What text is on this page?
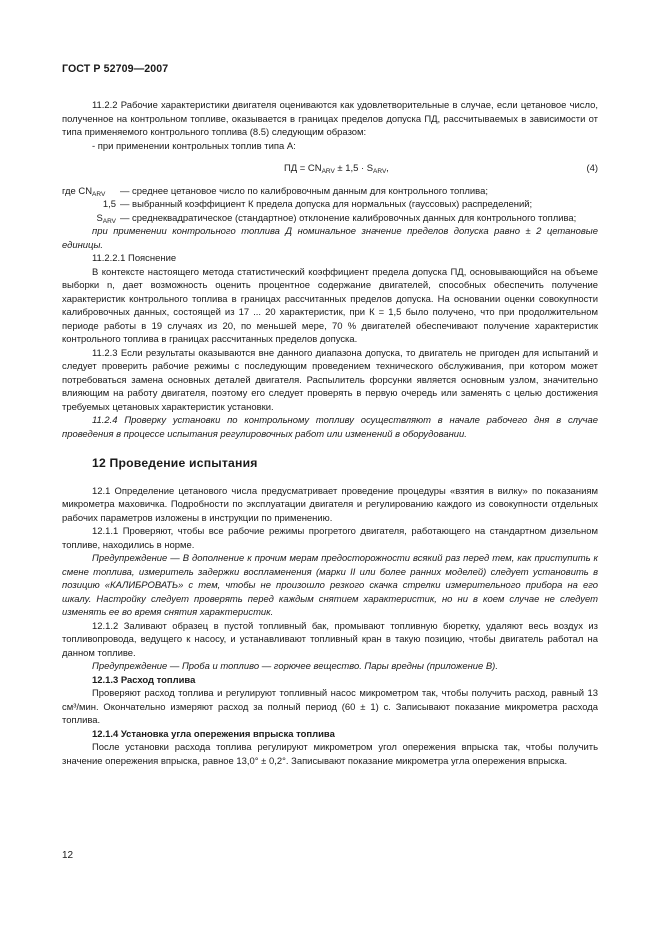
ГОСТ Р 52709—2007

11.2.2 Рабочие характеристики двигателя оцениваются как удовлетворительные в случае, если цетановое число, полученное на контрольном топливе, оказывается в границах пределов допуска ПД, рассчитываемых в зависимости от типа применяемого контрольного топлива (8.5) следующим образом:

- при применении контрольных топлив типа А:

ПД = $CN_{ARV} \pm 1,5 \cdot S_{ARV}$,	(4)
где $CN_{ARV}$	— среднее цетановое число по калибровочным данным для контрольного топлива;
1,5 — выбранный коэффициент К предела допуска для нормальных (гауссовых) распределений;
$S_{ARV}$ — среднеквадратическое (стандартное) отклонение калибровочных данных для контрольного топлива;

при применении контрольного топлива Д номинальное значение пределов допуска равно ± 2 цетановые единицы.

11.2.2.1 Пояснение

В контексте настоящего метода статистический коэффициент предела допуска ПД, основывающийся на объеме выборки n, дает возможность оценить процентное содержание двигателей, способных обеспечить получение характеристик контрольного топлива в границах рассчитанных пределов допуска. На основании оценки совокупности калибровочных данных, состоящей из 17 ... 20 характеристик, при К = 1,5 было получено, что при продолжительном периоде работы в 19 случаях из 20, по меньшей мере, 70 % двигателей обеспечивают получение характеристик контрольного топлива в границах рассчитанных пределов допуска.

11.2.3 Если результаты оказываются вне данного диапазона допуска, то двигатель не пригоден для испытаний и следует проверить рабочие режимы с последующим проведением технического обслуживания, при котором может потребоваться замена основных деталей двигателя. Распылитель форсунки является основным узлом, значительно влияющим на работу двигателя, поэтому его следует проверять в первую очередь или заменять с целью достижения требуемых цетановых характеристик установки.

11.2.4 Проверку установки по контрольному топливу осуществляют в начале рабочего дня в случае проведения в процессе испытания регулировочных работ или изменений в оборудовании.

12 Проведение испытания

12.1 Определение цетанового числа предусматривает проведение процедуры «взятия в вилку» по показаниям микрометра маховичка. Подробности по эксплуатации двигателя и регулированию каждого из совокупности отдельных рабочих параметров изложены в инструкции по применению.

12.1.1 Проверяют, чтобы все рабочие режимы прогретого двигателя, работающего на стандартном дизельном топливе, находились в норме.

Предупреждение — В дополнение к прочим мерам предосторожности всякий раз перед тем, как приступить к смене топлива, измеритель задержки воспламенения (марки II или более ранних моделей) следует установить в позицию «КАЛИБРОВАТЬ» с тем, чтобы не произошло резкого скачка стрелки измерительного прибора на его шкалу. Настройку следует проверять перед каждым снятием характеристик, но ни в коем случае не следует изменять ее во время снятия характеристик.

12.1.2 Заливают образец в пустой топливный бак, промывают топливную бюретку, удаляют весь воздух из топливопровода, ведущего к насосу, и устанавливают топливный кран в такую позицию, чтобы двигатель работал на данном топливе.

Предупреждение — Проба и топливо — горючее вещество. Пары вредны (приложение В).

12.1.3 Расход топлива

Проверяют расход топлива и регулируют топливный насос микрометром так, чтобы получить расход, равный 13 см³/мин. Окончательно измеряют расход за полный период (60 ± 1) с. Записывают показание микрометра расхода топлива.

12.1.4 Установка угла опережения впрыска топлива

После установки расхода топлива регулируют микрометром угол опережения впрыска так, чтобы получить значение опережения впрыска, равное 13,0° ± 0,2°. Записывают показание микрометра угла опережения впрыска.

12
